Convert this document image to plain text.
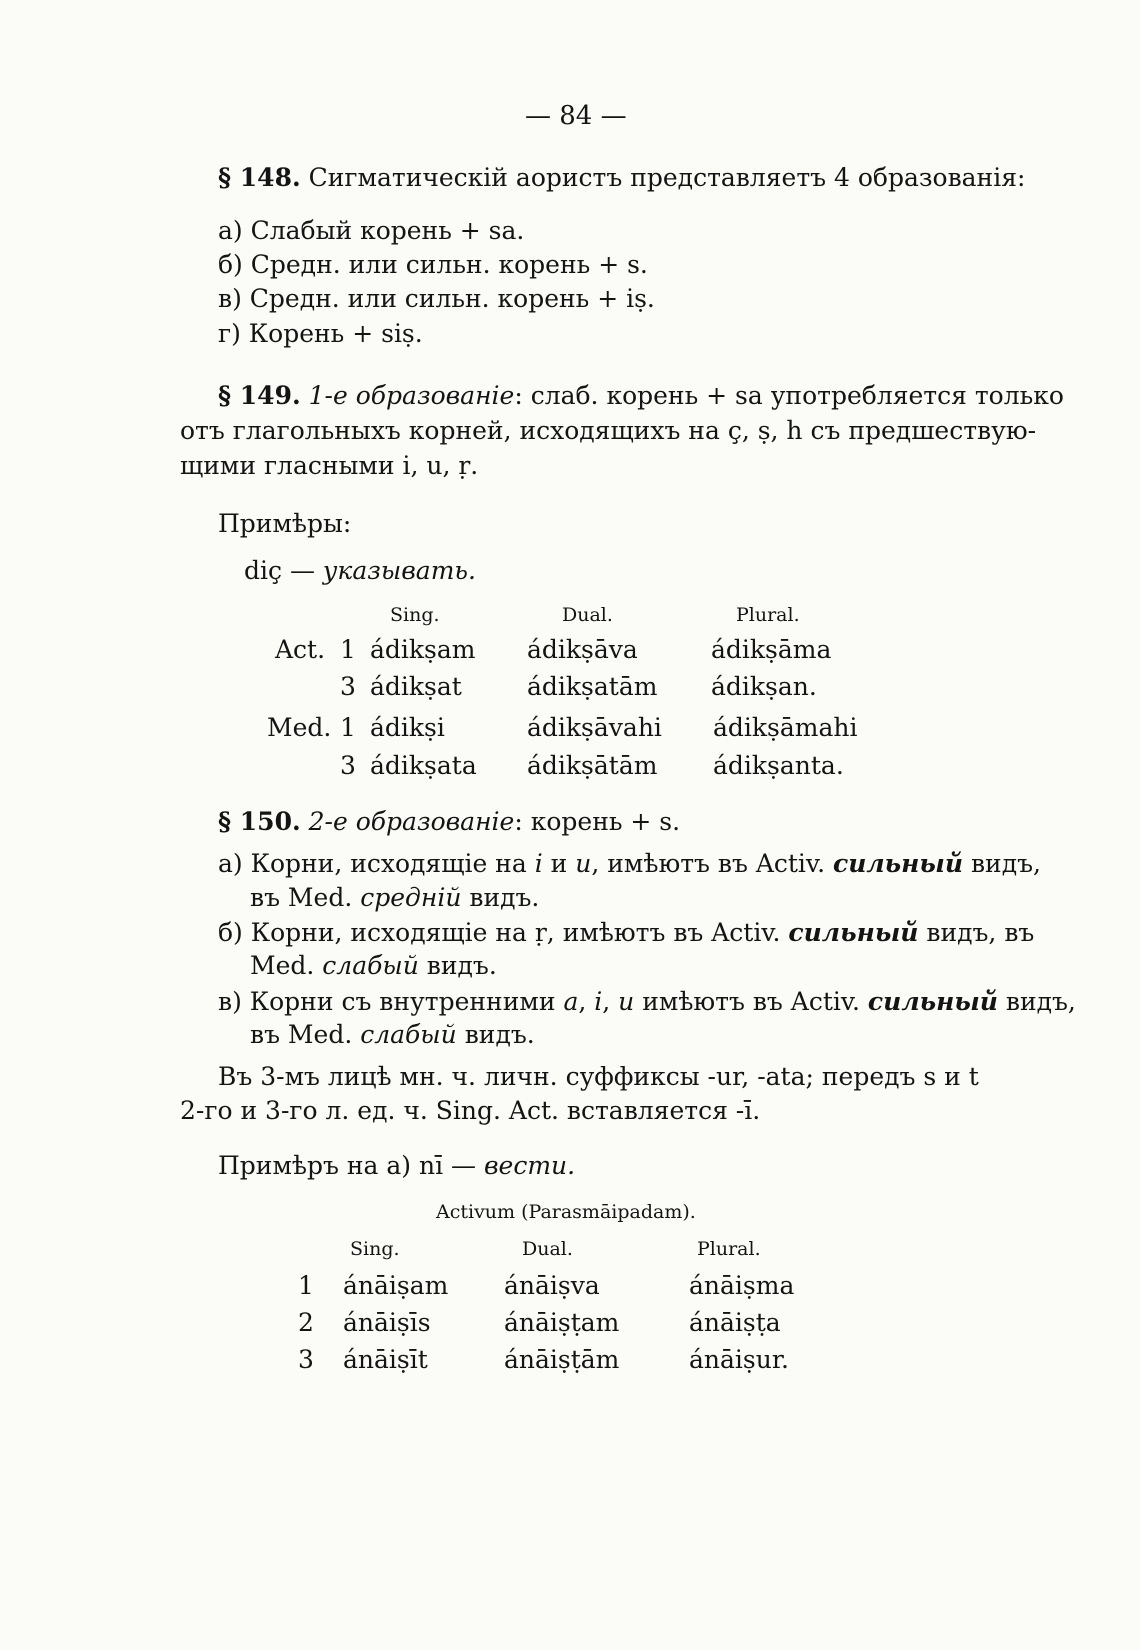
— 84 —
§ 148. Сигматическій аористъ представляетъ 4 образованія:
а) Слабый корень + sa.
б) Средн. или сильн. корень + s.
в) Средн. или сильн. корень + iṣ.
г) Корень + siṣ.
§ 149. 1-е образованіе: слаб. корень + sa употребляется только
отъ глагольныхъ корней, исходящихъ на ç, ṣ, h съ предшествую-
щими гласными i, u, ṛ.
Примѣры:
diç — указывать.
Sing.	Dual.	Plural.
Act. 1 ádikṣam ádikṣāva	ádikṣāma
3 ádikṣat	ádikṣatām ádikṣan.
Med. 1 ádikṣi	ádikṣāvahi ádikṣāmahi
3 ádikṣata ádikṣātām ádikṣanta.
§ 150. 2-е образованіе: корень + s.
а) Корни, исходящіе на i и u, имѣютъ въ Activ. сильный видъ,
въ Med. средній видъ.
б) Корни, исходящіе на ṛ, имѣютъ въ Activ. сильный видъ, въ
Med. слабый видъ.
в) Корни съ внутренними a, i, u имѣютъ въ Activ. сильный видъ,
въ Med. слабый видъ.
Въ 3-мъ лицѣ мн. ч. личн. суффиксы -ur, -ata; передъ s и t
2-го и 3-го л. ед. ч. Sing. Act. вставляется -ī.
Примѣръ на а) nī — вести.
Activum (Parasmāipadam).
Sing.	Dual.	Plural.
1 ánāiṣam ánāiṣva	ánāiṣma
2 ánāiṣīs	ánāiṣṭam	ánāiṣṭa
3 ánāiṣīt	ánāiṣṭām	ánāiṣur.
